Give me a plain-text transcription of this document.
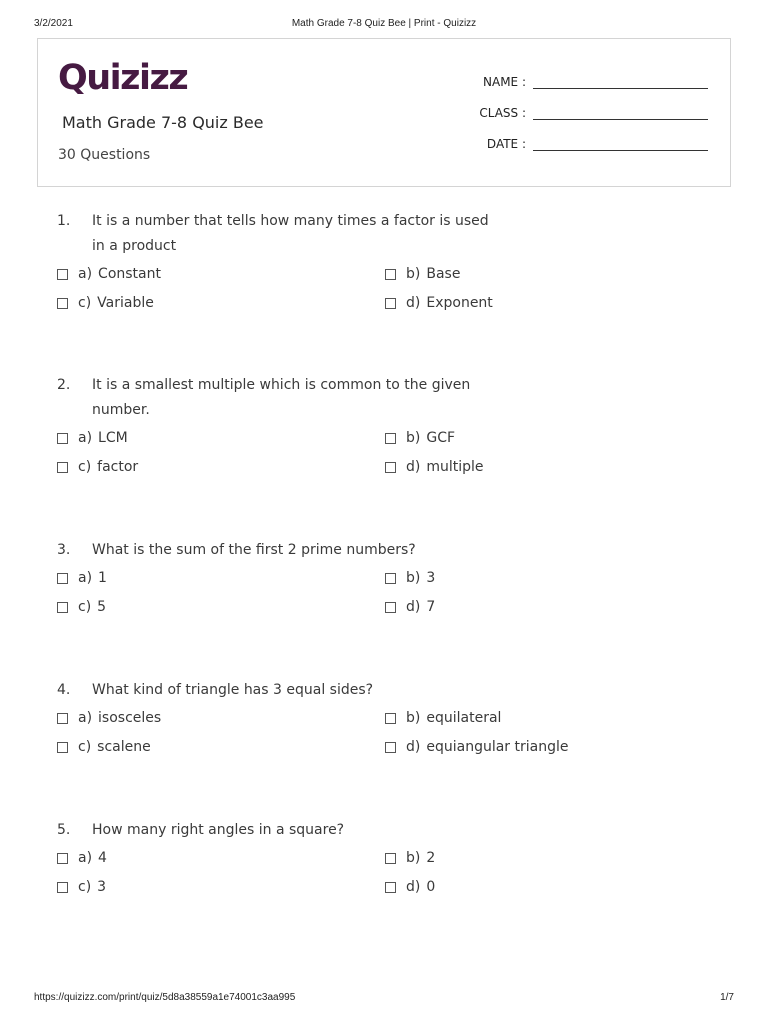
3/2/2021	Math Grade 7-8 Quiz Bee | Print - Quizizz
Quizizz
Math Grade 7-8 Quiz Bee
30 Questions
NAME :
CLASS :
DATE :
1. It is a number that tells how many times a factor is used in a product
a) Constant	b) Base
c) Variable	d) Exponent
2. It is a smallest multiple which is common to the given number.
a) LCM	b) GCF
c) factor	d) multiple
3. What is the sum of the first 2 prime numbers?
a) 1	b) 3
c) 5	d) 7
4. What kind of triangle has 3 equal sides?
a) isosceles	b) equilateral
c) scalene	d) equiangular triangle
5. How many right angles in a square?
a) 4	b) 2
c) 3	d) 0
https://quizizz.com/print/quiz/5d8a38559a1e74001c3aa995	1/7
